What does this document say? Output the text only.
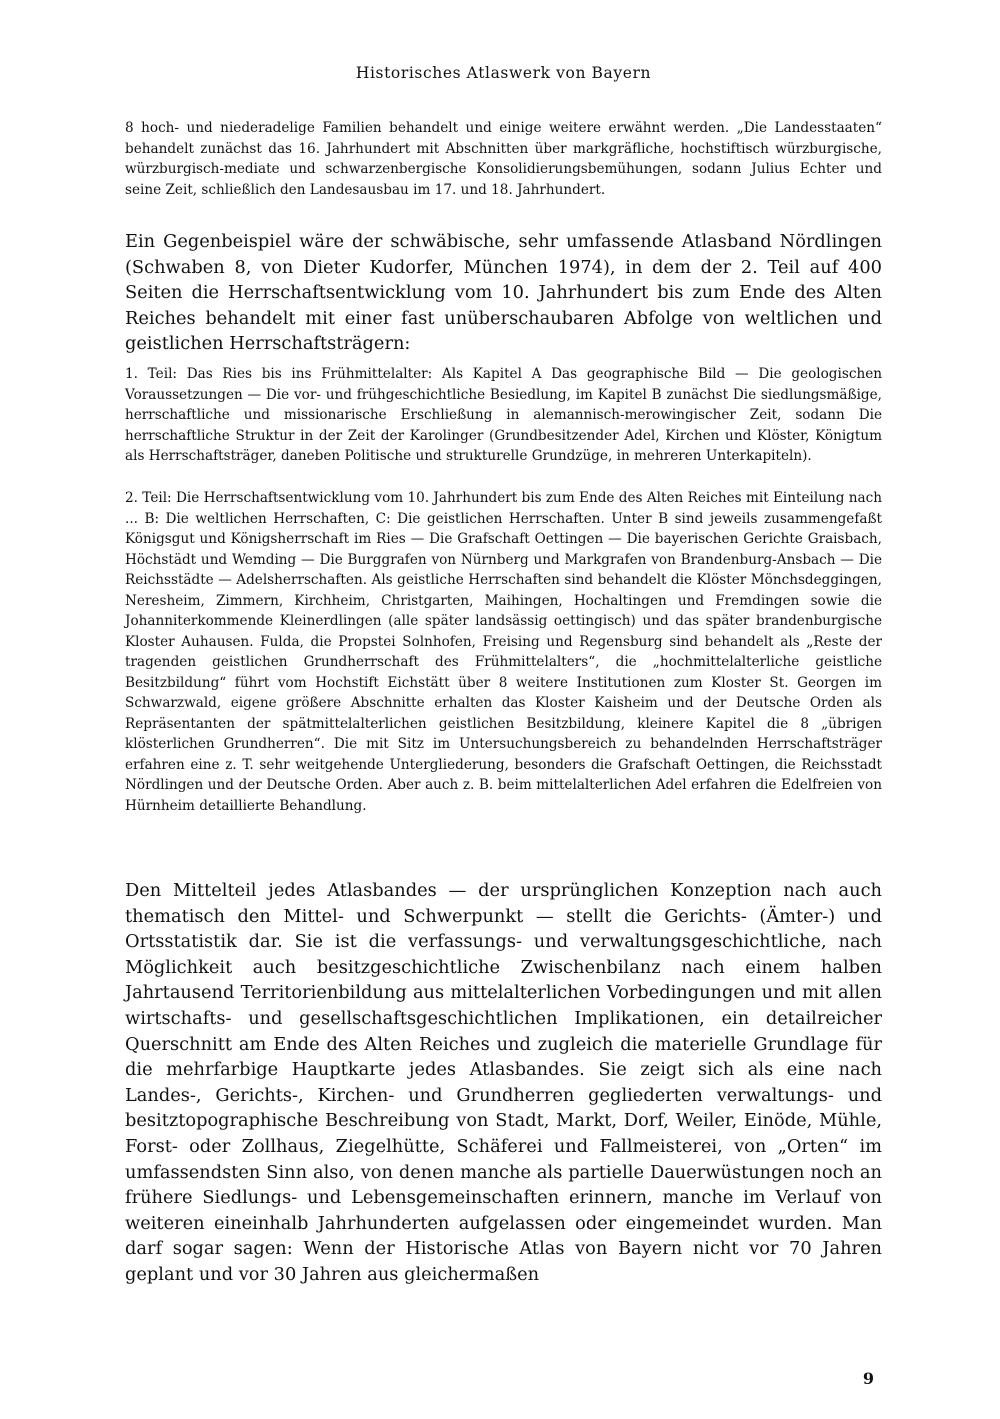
Historisches Atlaswerk von Bayern

8 hoch- und niederadelige Familien behandelt und einige weitere erwähnt werden. „Die Landesstaaten“ behandelt zunächst das 16. Jahrhundert mit Abschnitten über markgräfliche, hochstiftisch würzburgische, würzburgisch-mediate und schwarzenbergische Konsolidierungsbemühungen, sodann Julius Echter und seine Zeit, schließlich den Landesausbau im 17. und 18. Jahrhundert.

Ein Gegenbeispiel wäre der schwäbische, sehr umfassende Atlasband Nördlingen (Schwaben 8, von Dieter Kudorfer, München 1974), in dem der 2. Teil auf 400 Seiten die Herrschaftsentwicklung vom 10. Jahrhundert bis zum Ende des Alten Reiches behandelt mit einer fast unüberschaubaren Abfolge von weltlichen und geistlichen Herrschaftsträgern:

1. Teil: Das Ries bis ins Frühmittelalter: Als Kapitel A Das geographische Bild — Die geologischen Voraussetzungen — Die vor- und frühgeschichtliche Besiedlung, im Kapitel B zunächst Die siedlungsmäßige, herrschaftliche und missionarische Erschließung in alemannisch-merowingischer Zeit, sodann Die herrschaftliche Struktur in der Zeit der Karolinger (Grundbesitzender Adel, Kirchen und Klöster, Königtum als Herrschaftsträger, daneben Politische und strukturelle Grundzüge, in mehreren Unterkapiteln).

2. Teil: Die Herrschaftsentwicklung vom 10. Jahrhundert bis zum Ende des Alten Reiches mit Einteilung nach ... B: Die weltlichen Herrschaften, C: Die geistlichen Herrschaften. Unter B sind jeweils zusammengefaßt Königsgut und Königsherrschaft im Ries — Die Grafschaft Oettingen — Die bayerischen Gerichte Graisbach, Höchstädt und Wemding — Die Burggrafen von Nürnberg und Markgrafen von Brandenburg-Ansbach — Die Reichsstädte — Adelsherrschaften. Als geistliche Herrschaften sind behandelt die Klöster Mönchsdeggingen, Neresheim, Zimmern, Kirchheim, Christgarten, Maihingen, Hochaltingen und Fremdingen sowie die Johanniterkommende Kleinerdlingen (alle später landsässig oettingisch) und das später brandenburgische Kloster Auhausen. Fulda, die Propstei Solnhofen, Freising und Regensburg sind behandelt als „Reste der tragenden geistlichen Grundherrschaft des Frühmittelalters“, die „hochmittelalterliche geistliche Besitzbildung“ führt vom Hochstift Eichstätt über 8 weitere Institutionen zum Kloster St. Georgen im Schwarzwald, eigene größere Abschnitte erhalten das Kloster Kaisheim und der Deutsche Orden als Repräsentanten der spätmittelalterlichen geistlichen Besitzbildung, kleinere Kapitel die 8 „übrigen klösterlichen Grundherren“. Die mit Sitz im Untersuchungsbereich zu behandelnden Herrschaftsträger erfahren eine z. T. sehr weitgehende Untergliederung, besonders die Grafschaft Oettingen, die Reichsstadt Nördlingen und der Deutsche Orden. Aber auch z. B. beim mittelalterlichen Adel erfahren die Edelfreien von Hürnheim detaillierte Behandlung.

Den Mittelteil jedes Atlasbandes — der ursprünglichen Konzeption nach auch thematisch den Mittel- und Schwerpunkt — stellt die Gerichts- (Ämter-) und Ortsstatistik dar. Sie ist die verfassungs- und verwaltungsgeschichtliche, nach Möglichkeit auch besitzgeschichtliche Zwischenbilanz nach einem halben Jahrtausend Territorienbildung aus mittelalterlichen Vorbedingungen und mit allen wirtschafts- und gesellschaftsgeschichtlichen Implikationen, ein detailreicher Querschnitt am Ende des Alten Reiches und zugleich die materielle Grundlage für die mehrfarbige Hauptkarte jedes Atlasbandes. Sie zeigt sich als eine nach Landes-, Gerichts-, Kirchen- und Grundherren gegliederten verwaltungs- und besitztopographische Beschreibung von Stadt, Markt, Dorf, Weiler, Einöde, Mühle, Forst- oder Zollhaus, Ziegelhütte, Schäferei und Fallmeisterei, von „Orten“ im umfassendsten Sinn also, von denen manche als partielle Dauerwüstungen noch an frühere Siedlungs- und Lebensgemeinschaften erinnern, manche im Verlauf von weiteren eineinhalb Jahrhunderten aufgelassen oder eingemeindet wurden. Man darf sogar sagen: Wenn der Historische Atlas von Bayern nicht vor 70 Jahren geplant und vor 30 Jahren aus gleichermaßen

9
